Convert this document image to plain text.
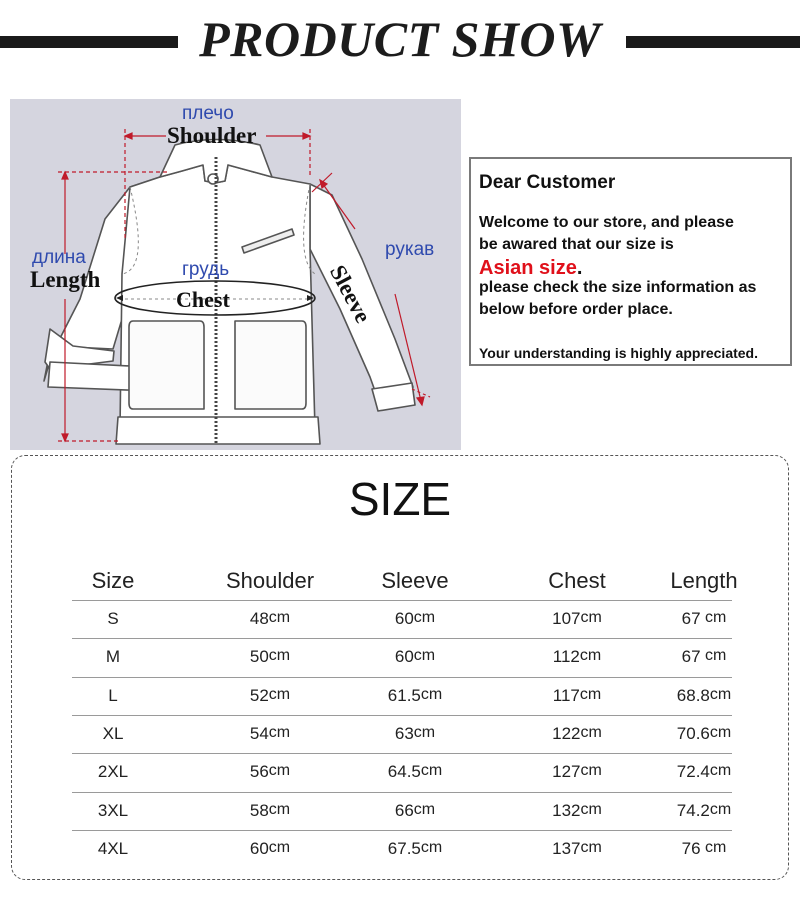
PRODUCT SHOW
плечо
Shoulder
длина
Length	грудь
Chest	Sleeve
рукав
Dear Customer
Welcome to our store, and please
be awared that our size is
Asian size.
please check the size information as
below before order place.
Your understanding is highly appreciated.
SIZE
Size	Shoulder	Sleeve	Chest	Length
S	48cm	60cm	107cm	67 cm
M	50cm	60cm	112cm	67 cm
L	52cm	61.5cm	117cm	68.8cm
XL	54cm	63cm	122cm	70.6cm
2XL	56cm	64.5cm	127cm	72.4cm
3XL	58cm	66cm	132cm	74.2cm
4XL	60cm	67.5cm	137cm	76 cm
